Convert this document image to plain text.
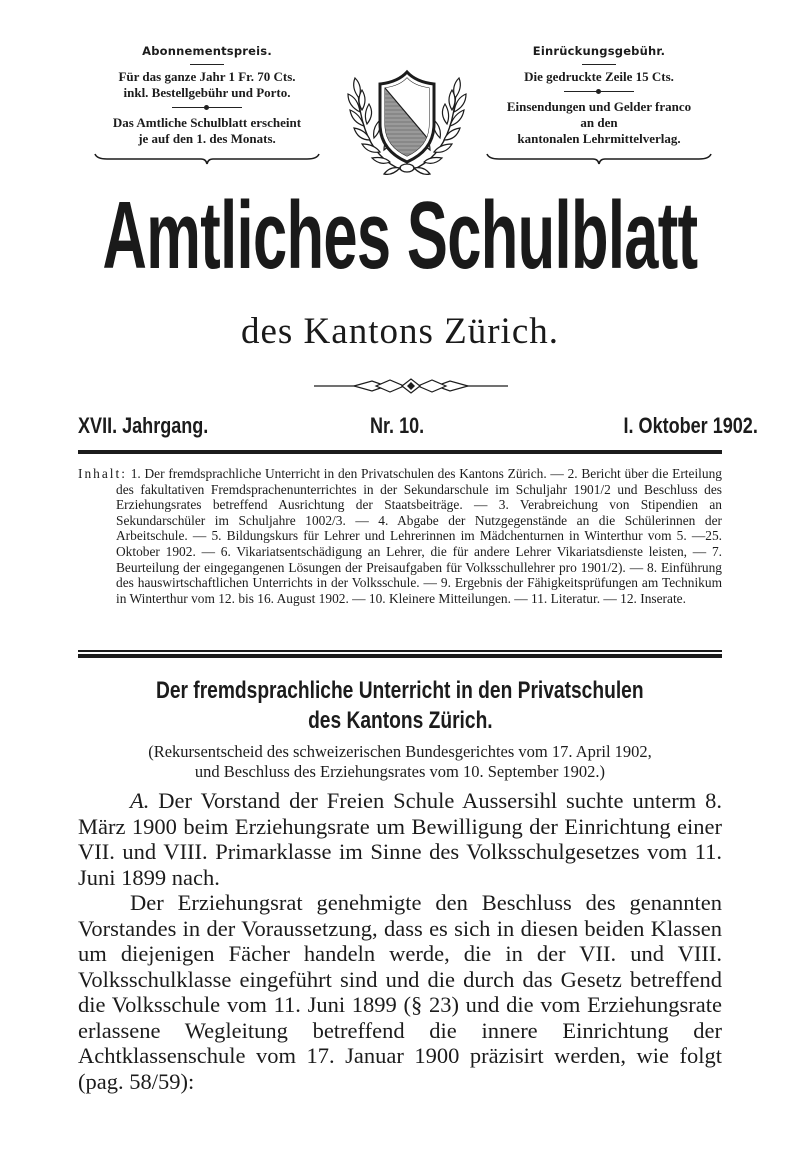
Abonnementspreis.
Für das ganze Jahr 1 Fr. 70 Cts.
inkl. Bestellgebühr und Porto.
Das Amtliche Schulblatt erscheint
je auf den 1. des Monats.
Einrückungsgebühr.
Die gedruckte Zeile 15 Cts.
Einsendungen und Gelder franco
an den
kantonalen Lehrmittelverlag.
Amtliches Schulblatt
des Kantons Zürich.
XVII. Jahrgang.	Nr. 10.	I. Oktober 1902.

Inhalt: 1. Der fremdsprachliche Unterricht in den Privatschulen des Kantons Zürich. — 2. Bericht über die Erteilung des fakultativen Fremdsprachenunterrichtes in der Sekundarschule im Schuljahr 1901/2 und Beschluss des Erziehungsrates betreffend Ausrichtung der Staatsbeiträge. — 3. Verabreichung von Stipendien an Sekundarschüler im Schuljahre 1002/3. — 4. Abgabe der Nutzgegenstände an die Schülerinnen der Arbeitschule. — 5. Bildungskurs für Lehrer und Lehrerinnen im Mädchenturnen in Winterthur vom 5. —25. Oktober 1902. — 6. Vikariatsentschädigung an Lehrer, die für andere Lehrer Vikariatsdienste leisten, — 7. Beurteilung der eingegangenen Lösungen der Preisaufgaben für Volksschullehrer pro 1901/2). — 8. Einführung des hauswirtschaftlichen Unterrichts in der Volksschule. — 9. Ergebnis der Fähigkeitsprüfungen am Technikum in Winterthur vom 12. bis 16. August 1902. — 10. Kleinere Mitteilungen. — 11. Literatur. — 12. Inserate.

Der fremdsprachliche Unterricht in den Privatschulen
des Kantons Zürich.
(Rekursentscheid des schweizerischen Bundesgerichtes vom 17. April 1902,
und Beschluss des Erziehungsrates vom 10. September 1902.)

A. Der Vorstand der Freien Schule Aussersihl suchte unterm 8. März 1900 beim Erziehungsrate um Bewilligung der Einrichtung einer VII. und VIII. Primarklasse im Sinne des Volksschulgesetzes vom 11. Juni 1899 nach.

Der Erziehungsrat genehmigte den Beschluss des genannten Vorstandes in der Voraussetzung, dass es sich in diesen beiden Klassen um diejenigen Fächer handeln werde, die in der VII. und VIII. Volksschulklasse eingeführt sind und die durch das Gesetz betreffend die Volksschule vom 11. Juni 1899 (§ 23) und die vom Erziehungsrate erlassene Wegleitung betreffend die innere Einrichtung der Achtklassenschule vom 17. Januar 1900 präzisirt werden, wie folgt (pag. 58/59):
